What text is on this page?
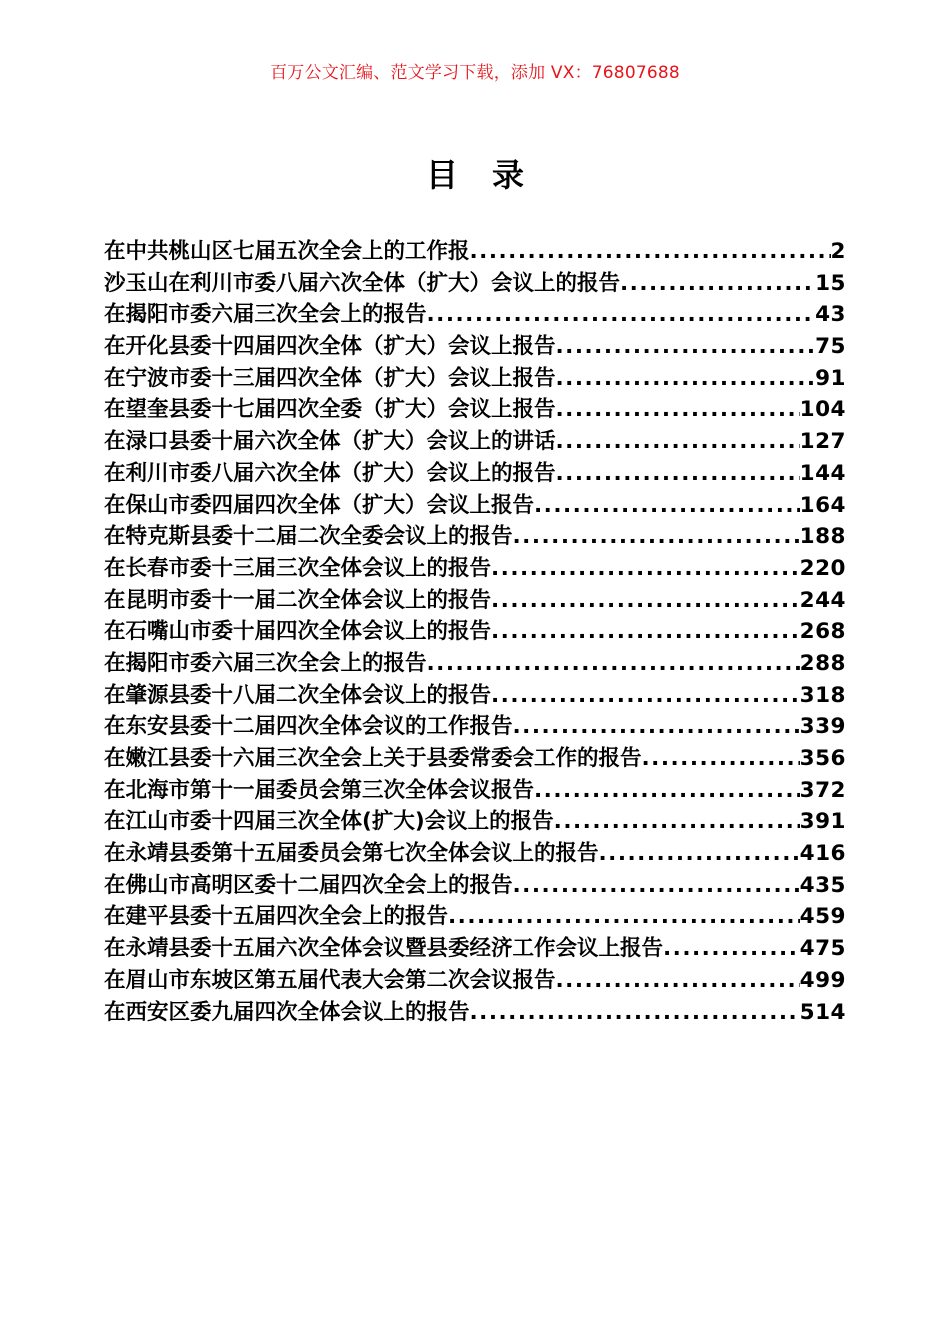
百万公文汇编、范文学习下载，添加 VX：76807688
目录
在中共桃山区七届五次全会上的工作报 .....	2
沙玉山在利川市委八届六次全体（扩大）会议上的报告 .....	15
在揭阳市委六届三次全会上的报告 .....	43
在开化县委十四届四次全体（扩大）会议上报告 .....	75
在宁波市委十三届四次全体（扩大）会议上报告 .....	91
在望奎县委十七届四次全委（扩大）会议上报告 .....	104
在渌口县委十届六次全体（扩大）会议上的讲话 .....	127
在利川市委八届六次全体（扩大）会议上的报告 .....	144
在保山市委四届四次全体（扩大）会议上报告 .....	164
在特克斯县委十二届二次全委会议上的报告 .....	188
在长春市委十三届三次全体会议上的报告 .....	220
在昆明市委十一届二次全体会议上的报告 .....	244
在石嘴山市委十届四次全体会议上的报告 .....	268
在揭阳市委六届三次全会上的报告 .....	288
在肇源县委十八届二次全体会议上的报告 .....	318
在东安县委十二届四次全体会议的工作报告 .....	339
在嫩江县委十六届三次全会上关于县委常委会工作的报告 .....	356
在北海市第十一届委员会第三次全体会议报告 .....	372
在江山市委十四届三次全体(扩大)会议上的报告 .....	391
在永靖县委第十五届委员会第七次全体会议上的报告 .....	416
在佛山市高明区委十二届四次全会上的报告 .....	435
在建平县委十五届四次全会上的报告 .....	459
在永靖县委十五届六次全体会议暨县委经济工作会议上报告 .....	475
在眉山市东坡区第五届代表大会第二次会议报告 .....	499
在西安区委九届四次全体会议上的报告 .....	514
